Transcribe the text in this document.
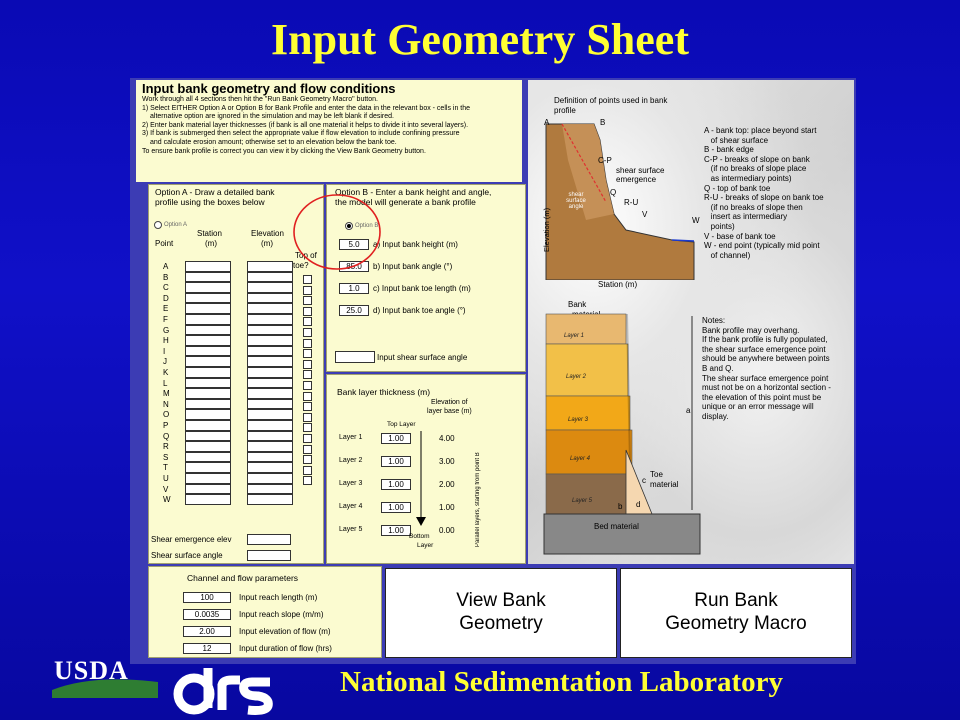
Input Geometry Sheet
Input bank geometry and flow conditions
Work through all 4 sections then hit the "Run Bank Geometry Macro" button.
1) Select EITHER Option A or Option B for Bank Profile and enter the data in the relevant box - cells in the
alternative option are ignored in the simulation and may be left blank if desired.
2) Enter bank material layer thicknesses (if bank is all one material it helps to divide it into several layers).
3) If bank is submerged then select the appropriate value if flow elevation to include confining pressure
and calculate erosion amount; otherwise set to an elevation below the bank toe.
To ensure bank profile is correct you can view it by clicking the View Bank Geometry button.
Option A - Draw a detailed bank
profile using the boxes below
Option A
Station
(m)
Elevation
(m)
Point
Top of
toe?
A
B
C
D
E
F
G
H
I
J
K
L
M
N
O
P
Q
R
S
T
U
V
W
Shear emergence elev
Shear surface angle
Option B - Enter a bank height and angle,
the model will generate a bank profile
Option B
5.0	a) Input bank height (m)
85.0	b) Input bank angle (°)
1.0	c) Input bank toe length (m)
25.0	d) Input bank toe angle (°)
Input shear surface angle
Bank layer thickness (m)
Elevation of
layer base (m)
Top Layer
Layer 1	1.00	4.00
Layer 2	1.00	3.00
Layer 3	1.00	2.00
Layer 4	1.00	1.00
Layer 5	1.00	0.00
Bottom
Layer	Parallel layers, starting from point B
Channel and flow parameters
100	Input reach length (m)
0.0035	Input reach slope (m/m)
2.00	Input elevation of flow (m)
12	Input duration of flow (hrs)
View Bank
Geometry
Run Bank
Geometry Macro
Definition of points used in bank
profile
Elevation (m)
Station (m)
A	B
C-P
Q
R-U
V
W
shear surface
emergence
shear
surface
angle
A - bank top: place beyond start
of shear surface
B - bank edge
C-P - breaks of slope on bank
(if no breaks of slope place
as intermediary points)
Q - top of bank toe
R-U - breaks of slope on bank toe
(if no breaks of slope then
insert as intermediary
points)
V - base of bank toe
W - end point (typically mid point
of channel)
Bank
Layer 1
Layer 2
Layer 3
Layer 4
Layer 5
Toe
material
Bed material
a
b
c
d
Notes:
Bank profile may overhang.
If the bank profile is fully populated,
the shear surface emergence point
should be anywhere between points
B and Q.
The shear surface emergence point
must not be on a horizontal section -
the elevation of this point must be
unique or an error message will
display.
USDA	National Sedimentation Laboratory
